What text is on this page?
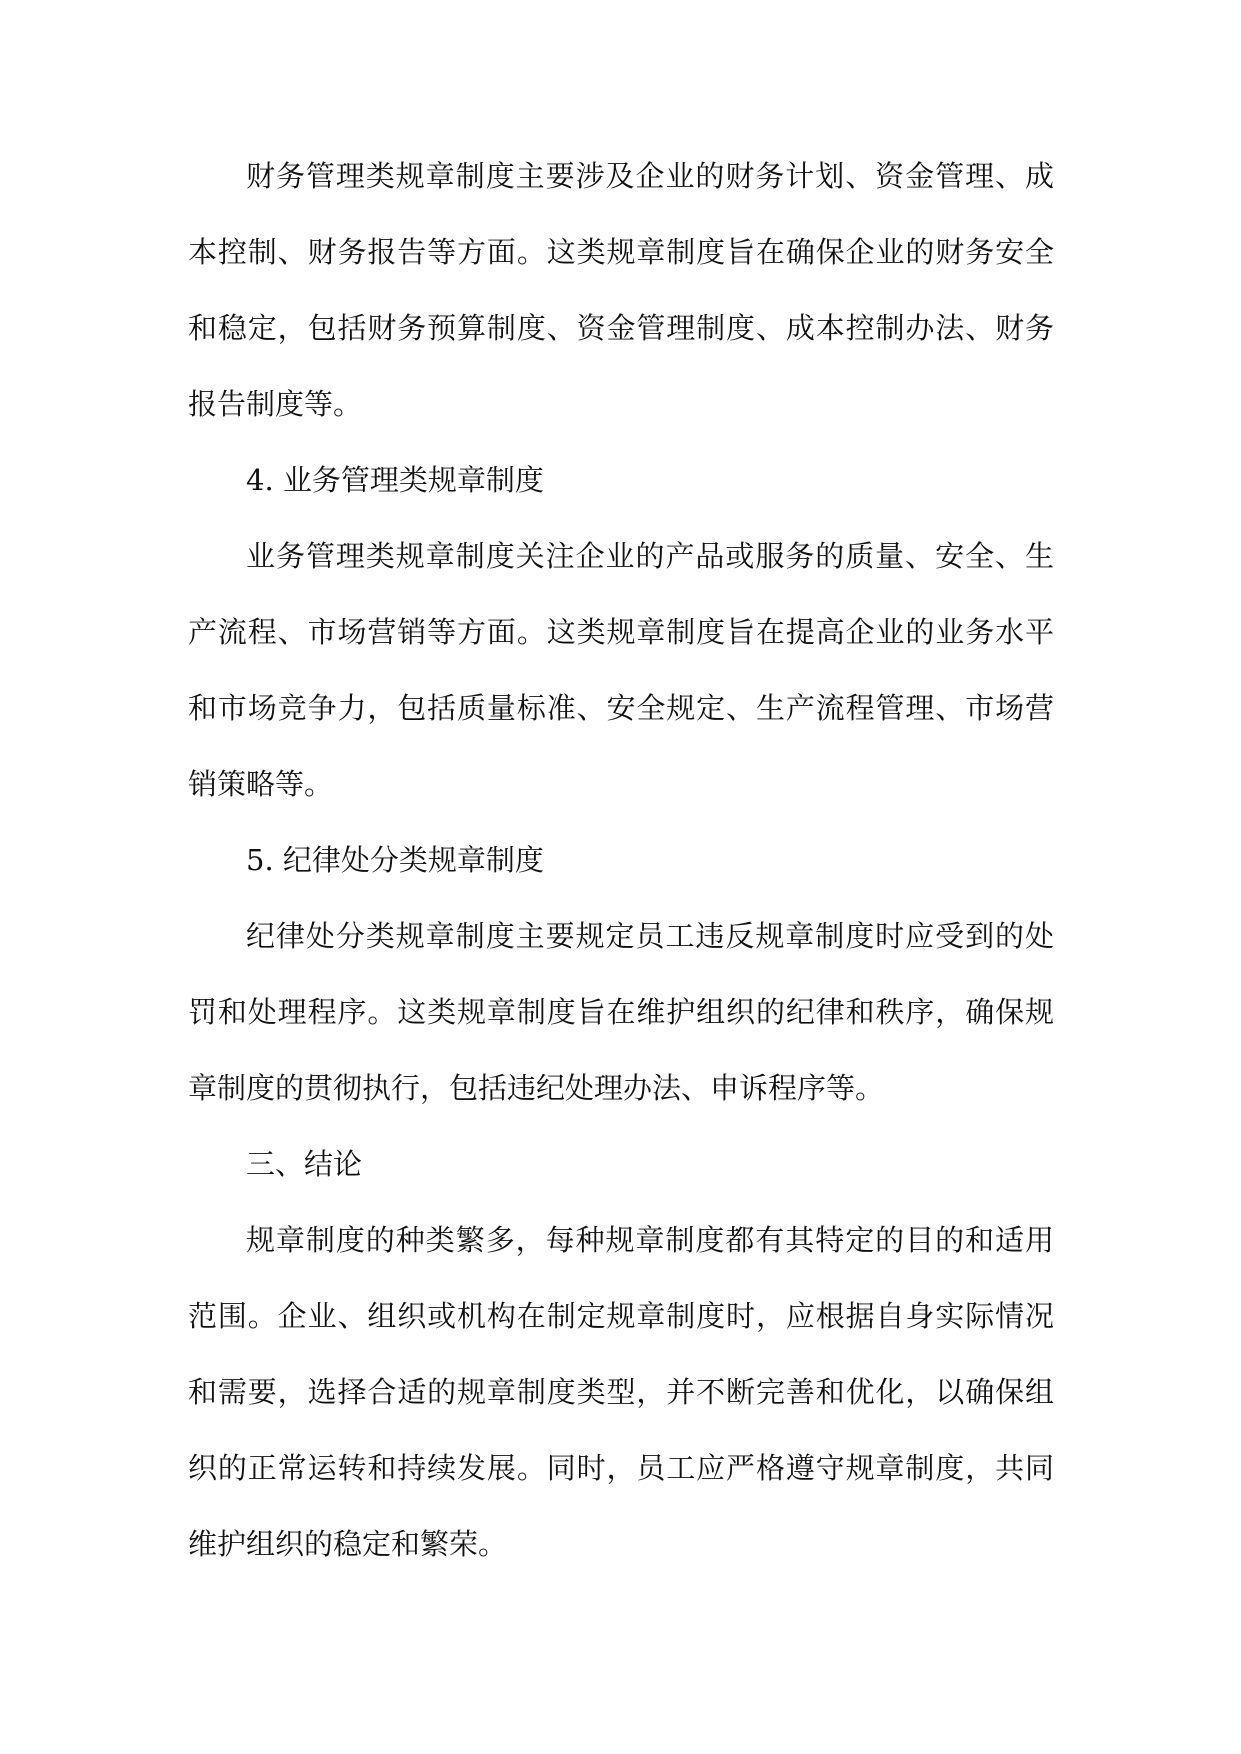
财务管理类规章制度主要涉及企业的财务计划、资金管理、成本控制、财务报告等方面。这类规章制度旨在确保企业的财务安全和稳定，包括财务预算制度、资金管理制度、成本控制办法、财务报告制度等。

4. 业务管理类规章制度

业务管理类规章制度关注企业的产品或服务的质量、安全、生产流程、市场营销等方面。这类规章制度旨在提高企业的业务水平和市场竞争力，包括质量标准、安全规定、生产流程管理、市场营销策略等。

5. 纪律处分类规章制度

纪律处分类规章制度主要规定员工违反规章制度时应受到的处罚和处理程序。这类规章制度旨在维护组织的纪律和秩序，确保规章制度的贯彻执行，包括违纪处理办法、申诉程序等。

三、结论

规章制度的种类繁多，每种规章制度都有其特定的目的和适用范围。企业、组织或机构在制定规章制度时，应根据自身实际情况和需要，选择合适的规章制度类型，并不断完善和优化，以确保组织的正常运转和持续发展。同时，员工应严格遵守规章制度，共同维护组织的稳定和繁荣。
